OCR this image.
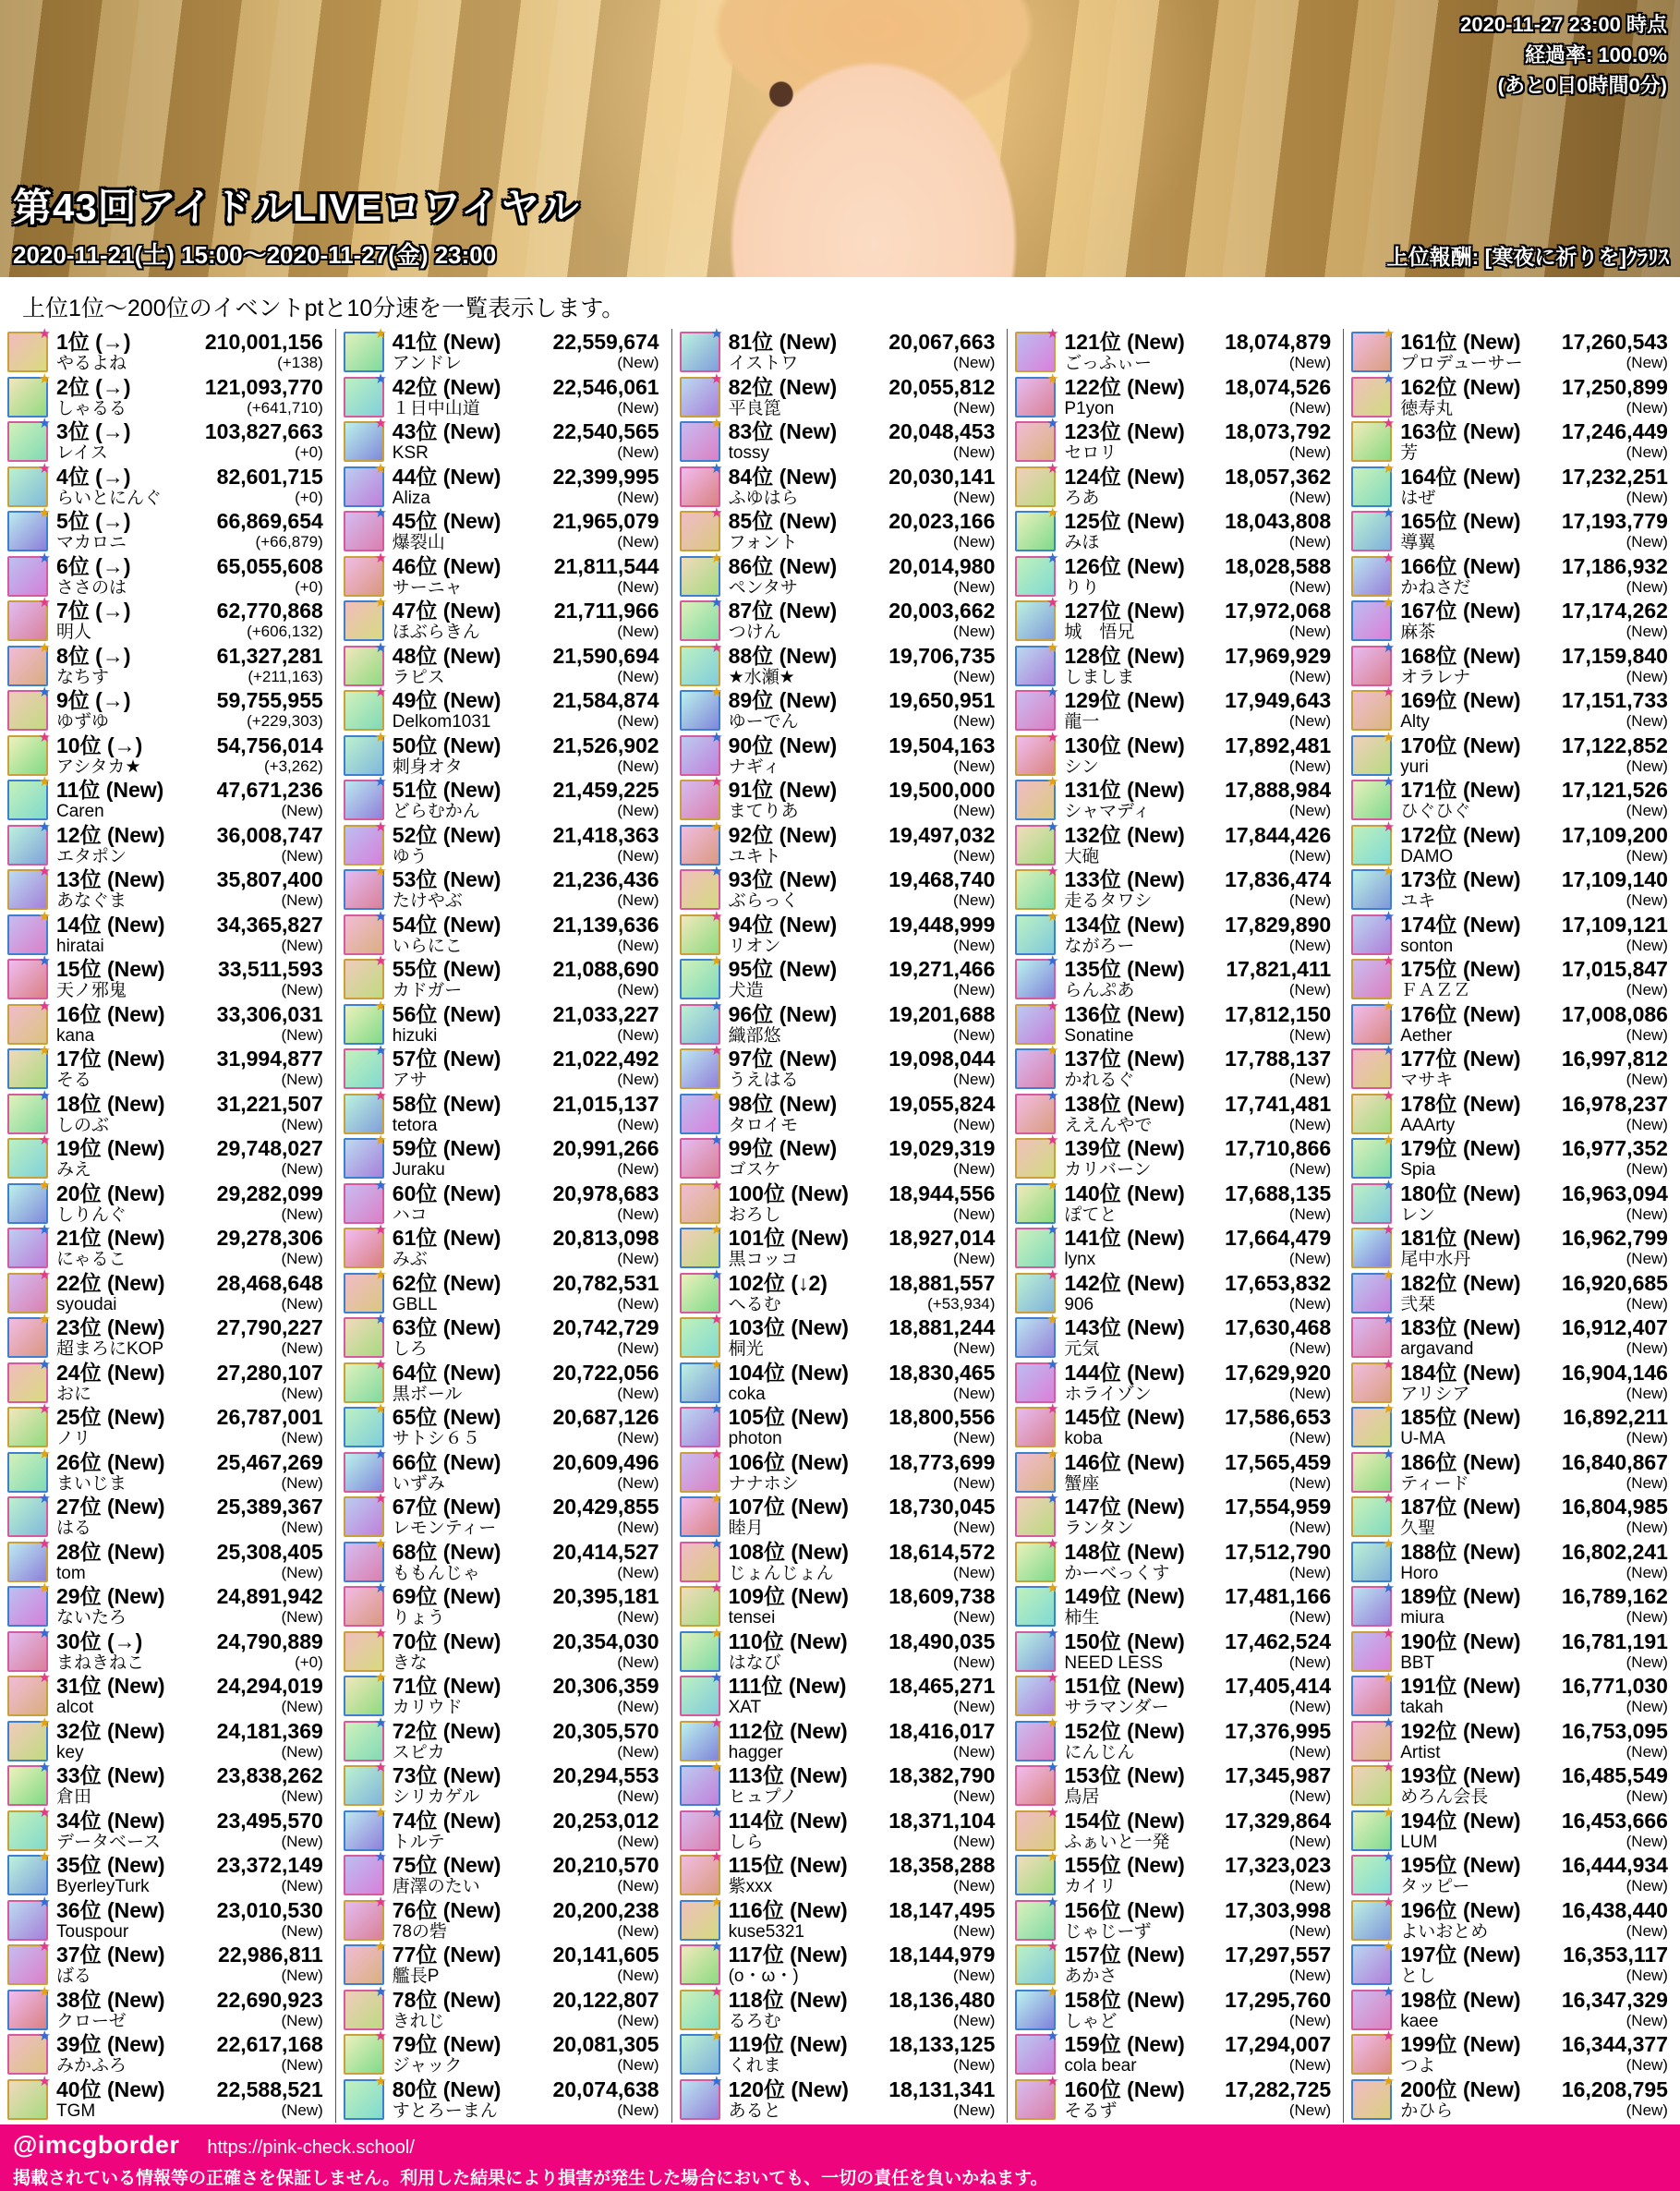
2020-11-27 23:00 時点
経過率: 100.0%
(あと0日0時間0分)
第43回アイドルLIVEロワイヤル
2020-11-21(土) 15:00～2020-11-27(金) 23:00	上位報酬: [寒夜に祈りを]ｸﾗﾘｽ
上位1位～200位のイベントptと10分速を一覧表示します。
★ 1位 (→)
やるよね
210,001,156
(+138)
★ 2位 (→)
しゃるる
121,093,770
(+641,710)
★ 3位 (→)
レイス
103,827,663
(+0)
★ 4位 (→)
らいとにんぐ
82,601,715
(+0)
★ 5位 (→)
マカロニ
66,869,654
(+66,879)
★ 6位 (→)
ささのは
65,055,608
(+0)
★ 7位 (→)
明人
62,770,868
(+606,132)
★ 8位 (→)
なちす
61,327,281
(+211,163)
★ 9位 (→)
ゆずゆ
59,755,955
(+229,303)
★ 10位 (→)
アシタカ★
54,756,014
(+3,262)
★ 11位 (New)
Caren
47,671,236
(New)
★ 12位 (New)
エタポン
36,008,747
(New)
★ 13位 (New)
あなぐま
35,807,400
(New)
★ 14位 (New)
hiratai
34,365,827
(New)
★ 15位 (New)
天ノ邪鬼
33,511,593
(New)
★ 16位 (New)
kana
33,306,031
(New)
★ 17位 (New)
そる
31,994,877
(New)
★ 18位 (New)
しのぶ
31,221,507
(New)
★ 19位 (New)
みえ
29,748,027
(New)
★ 20位 (New)
しりんぐ
29,282,099
(New)
★ 21位 (New)
にゃるこ
29,278,306
(New)
★ 22位 (New)
syoudai
28,468,648
(New)
★ 23位 (New)
超まろにKOP
27,790,227
(New)
★ 24位 (New)
おに
27,280,107
(New)
★ 25位 (New)
ノリ
26,787,001
(New)
★ 26位 (New)
まいじま
25,467,269
(New)
★ 27位 (New)
はる
25,389,367
(New)
★ 28位 (New)
tom
25,308,405
(New)
★ 29位 (New)
ないたろ
24,891,942
(New)
★ 30位 (→)
まねきねこ
24,790,889
(+0)
★ 31位 (New)
alcot
24,294,019
(New)
★ 32位 (New)
key
24,181,369
(New)
★ 33位 (New)
倉田
23,838,262
(New)
★ 34位 (New)
データベース
23,495,570
(New)
★ 35位 (New)
ByerleyTurk
23,372,149
(New)
★ 36位 (New)
Touspour
23,010,530
(New)
★ 37位 (New)
ばる
22,986,811
(New)
★ 38位 (New)
クローゼ
22,690,923
(New)
★ 39位 (New)
みかふろ
22,617,168
(New)
★ 40位 (New)
TGM
22,588,521
(New)
★ 41位 (New)
アンドレ
22,559,674
(New)
★ 42位 (New)
１日中山道
22,546,061
(New)
★ 43位 (New)
KSR
22,540,565
(New)
★ 44位 (New)
Aliza
22,399,995
(New)
★ 45位 (New)
爆裂山
21,965,079
(New)
★ 46位 (New)
サーニャ
21,811,544
(New)
★ 47位 (New)
ほぶらきん
21,711,966
(New)
★ 48位 (New)
ラピス
21,590,694
(New)
★ 49位 (New)
Delkom1031
21,584,874
(New)
★ 50位 (New)
刺身オタ
21,526,902
(New)
★ 51位 (New)
どらむかん
21,459,225
(New)
★ 52位 (New)
ゆう
21,418,363
(New)
★ 53位 (New)
たけやぶ
21,236,436
(New)
★ 54位 (New)
いらにこ
21,139,636
(New)
★ 55位 (New)
カドガー
21,088,690
(New)
★ 56位 (New)
hizuki
21,033,227
(New)
★ 57位 (New)
アサ
21,022,492
(New)
★ 58位 (New)
tetora
21,015,137
(New)
★ 59位 (New)
Juraku
20,991,266
(New)
★ 60位 (New)
ハコ
20,978,683
(New)
★ 61位 (New)
みぶ
20,813,098
(New)
★ 62位 (New)
GBLL
20,782,531
(New)
★ 63位 (New)
しろ
20,742,729
(New)
★ 64位 (New)
黒ボール
20,722,056
(New)
★ 65位 (New)
サトシ６５
20,687,126
(New)
★ 66位 (New)
いずみ
20,609,496
(New)
★ 67位 (New)
レモンティー
20,429,855
(New)
★ 68位 (New)
ももんじゃ
20,414,527
(New)
★ 69位 (New)
りょう
20,395,181
(New)
★ 70位 (New)
きな
20,354,030
(New)
★ 71位 (New)
カリウド
20,306,359
(New)
★ 72位 (New)
スピカ
20,305,570
(New)
★ 73位 (New)
シリカゲル
20,294,553
(New)
★ 74位 (New)
トルテ
20,253,012
(New)
★ 75位 (New)
唐澤のたい
20,210,570
(New)
★ 76位 (New)
78の砦
20,200,238
(New)
★ 77位 (New)
艦長P
20,141,605
(New)
★ 78位 (New)
きれじ
20,122,807
(New)
★ 79位 (New)
ジャック
20,081,305
(New)
★ 80位 (New)
すとろーまん
20,074,638
(New)
★ 81位 (New)
イストワ
20,067,663
(New)
★ 82位 (New)
平良箆
20,055,812
(New)
★ 83位 (New)
tossy
20,048,453
(New)
★ 84位 (New)
ふゆはら
20,030,141
(New)
★ 85位 (New)
フォント
20,023,166
(New)
★ 86位 (New)
ペンタサ
20,014,980
(New)
★ 87位 (New)
つけん
20,003,662
(New)
★ 88位 (New)
★水瀬★
19,706,735
(New)
★ 89位 (New)
ゆーでん
19,650,951
(New)
★ 90位 (New)
ナギィ
19,504,163
(New)
★ 91位 (New)
まてりあ
19,500,000
(New)
★ 92位 (New)
ユキト
19,497,032
(New)
★ 93位 (New)
ぶらっく
19,468,740
(New)
★ 94位 (New)
リオン
19,448,999
(New)
★ 95位 (New)
犬造
19,271,466
(New)
★ 96位 (New)
織部悠
19,201,688
(New)
★ 97位 (New)
うえはる
19,098,044
(New)
★ 98位 (New)
タロイモ
19,055,824
(New)
★ 99位 (New)
ゴスケ
19,029,319
(New)
★ 100位 (New)
おろし
18,944,556
(New)
★ 101位 (New)
黒コッコ
18,927,014
(New)
★ 102位 (↓2)
へるむ
18,881,557
(+53,934)
★ 103位 (New)
桐光
18,881,244
(New)
★ 104位 (New)
coka
18,830,465
(New)
★ 105位 (New)
photon
18,800,556
(New)
★ 106位 (New)
ナナホシ
18,773,699
(New)
★ 107位 (New)
睦月
18,730,045
(New)
★ 108位 (New)
じょんじょん
18,614,572
(New)
★ 109位 (New)
tensei
18,609,738
(New)
★ 110位 (New)
はなび
18,490,035
(New)
★ 111位 (New)
XAT
18,465,271
(New)
★ 112位 (New)
hagger
18,416,017
(New)
★ 113位 (New)
ヒュプノ
18,382,790
(New)
★ 114位 (New)
しら
18,371,104
(New)
★ 115位 (New)
紫xxx
18,358,288
(New)
★ 116位 (New)
kuse5321
18,147,495
(New)
★ 117位 (New)
(o・ω・)
18,144,979
(New)
★ 118位 (New)
るろむ
18,136,480
(New)
★ 119位 (New)
くれま
18,133,125
(New)
★ 120位 (New)
あると
18,131,341
(New)
★ 121位 (New)
ごっふぃー
18,074,879
(New)
★ 122位 (New)
P1yon
18,074,526
(New)
★ 123位 (New)
セロリ
18,073,792
(New)
★ 124位 (New)
ろあ
18,057,362
(New)
★ 125位 (New)
みほ
18,043,808
(New)
★ 126位 (New)
りり
18,028,588
(New)
★ 127位 (New)
城　悟兄
17,972,068
(New)
★ 128位 (New)
しましま
17,969,929
(New)
★ 129位 (New)
龍一
17,949,643
(New)
★ 130位 (New)
シン
17,892,481
(New)
★ 131位 (New)
シャマディ
17,888,984
(New)
★ 132位 (New)
大砲
17,844,426
(New)
★ 133位 (New)
走るタワシ
17,836,474
(New)
★ 134位 (New)
ながろー
17,829,890
(New)
★ 135位 (New)
らんぷあ
17,821,411
(New)
★ 136位 (New)
Sonatine
17,812,150
(New)
★ 137位 (New)
かれるぐ
17,788,137
(New)
★ 138位 (New)
ええんやで
17,741,481
(New)
★ 139位 (New)
カリバーン
17,710,866
(New)
★ 140位 (New)
ぽてと
17,688,135
(New)
★ 141位 (New)
lynx
17,664,479
(New)
★ 142位 (New)
906
17,653,832
(New)
★ 143位 (New)
元気
17,630,468
(New)
★ 144位 (New)
ホライゾン
17,629,920
(New)
★ 145位 (New)
koba
17,586,653
(New)
★ 146位 (New)
蟹座
17,565,459
(New)
★ 147位 (New)
ランタン
17,554,959
(New)
★ 148位 (New)
かーべっくす
17,512,790
(New)
★ 149位 (New)
柿生
17,481,166
(New)
★ 150位 (New)
NEED LESS
17,462,524
(New)
★ 151位 (New)
サラマンダー
17,405,414
(New)
★ 152位 (New)
にんじん
17,376,995
(New)
★ 153位 (New)
鳥居
17,345,987
(New)
★ 154位 (New)
ふぁいと一発
17,329,864
(New)
★ 155位 (New)
カイリ
17,323,023
(New)
★ 156位 (New)
じゃじーず
17,303,998
(New)
★ 157位 (New)
あかさ
17,297,557
(New)
★ 158位 (New)
しゃど
17,295,760
(New)
★ 159位 (New)
cola bear
17,294,007
(New)
★ 160位 (New)
そるず
17,282,725
(New)
★ 161位 (New)
プロデューサー
17,260,543
(New)
★ 162位 (New)
徳寿丸
17,250,899
(New)
★ 163位 (New)
芳
17,246,449
(New)
★ 164位 (New)
はぜ
17,232,251
(New)
★ 165位 (New)
導翼
17,193,779
(New)
★ 166位 (New)
かねさだ
17,186,932
(New)
★ 167位 (New)
麻茶
17,174,262
(New)
★ 168位 (New)
オラレナ
17,159,840
(New)
★ 169位 (New)
Alty
17,151,733
(New)
★ 170位 (New)
yuri
17,122,852
(New)
★ 171位 (New)
ひぐひぐ
17,121,526
(New)
★ 172位 (New)
DAMO
17,109,200
(New)
★ 173位 (New)
ユキ
17,109,140
(New)
★ 174位 (New)
sonton
17,109,121
(New)
★ 175位 (New)
ＦＡＺＺ
17,015,847
(New)
★ 176位 (New)
Aether
17,008,086
(New)
★ 177位 (New)
マサキ
16,997,812
(New)
★ 178位 (New)
AAArty
16,978,237
(New)
★ 179位 (New)
Spia
16,977,352
(New)
★ 180位 (New)
レン
16,963,094
(New)
★ 181位 (New)
尾中水丹
16,962,799
(New)
★ 182位 (New)
弐栞
16,920,685
(New)
★ 183位 (New)
argavand
16,912,407
(New)
★ 184位 (New)
アリシア
16,904,146
(New)
★ 185位 (New)
U-MA
16,892,211
(New)
★ 186位 (New)
ティード
16,840,867
(New)
★ 187位 (New)
久聖
16,804,985
(New)
★ 188位 (New)
Horo
16,802,241
(New)
★ 189位 (New)
miura
16,789,162
(New)
★ 190位 (New)
BBT
16,781,191
(New)
★ 191位 (New)
takah
16,771,030
(New)
★ 192位 (New)
Artist
16,753,095
(New)
★ 193位 (New)
めろん会長
16,485,549
(New)
★ 194位 (New)
LUM
16,453,666
(New)
★ 195位 (New)
タッピー
16,444,934
(New)
★ 196位 (New)
よいおとめ
16,438,440
(New)
★ 197位 (New)
とし
16,353,117
(New)
★ 198位 (New)
kaee
16,347,329
(New)
★ 199位 (New)
つよ
16,344,377
(New)
★ 200位 (New)
かひら
16,208,795
(New)
@imcgborder https://pink-check.school/
掲載されている情報等の正確さを保証しません。利用した結果により損害が発生した場合においても、一切の責任を負いかねます。
